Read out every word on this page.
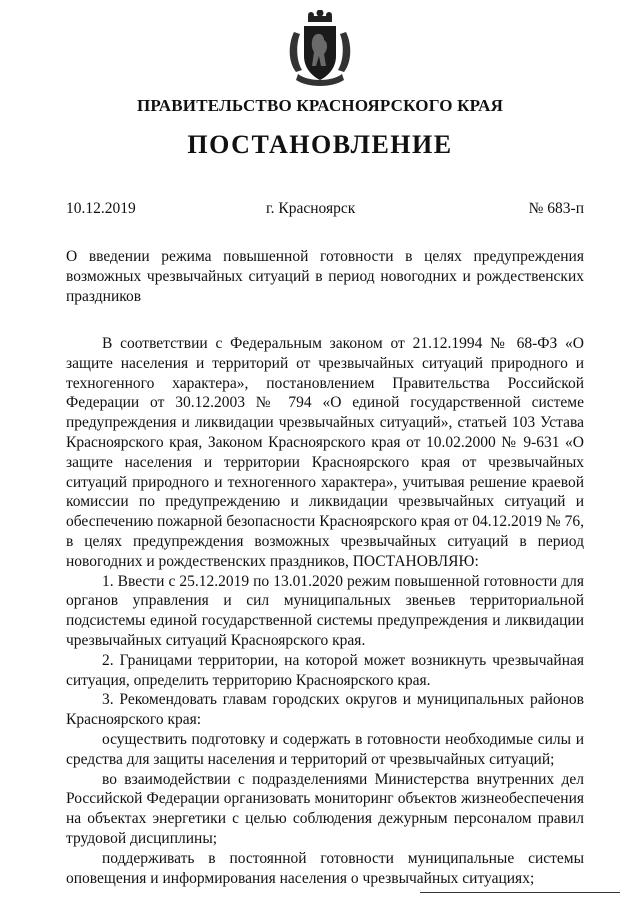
ПРАВИТЕЛЬСТВО КРАСНОЯРСКОГО КРАЯ
ПОСТАНОВЛЕНИЕ
10.12.2019	г. Красноярск	№ 683-п
О введении режима повышенной готовности в целях предупреждения возможных чрезвычайных ситуаций в период новогодних и рождественских праздников

В соответствии с Федеральным законом от 21.12.1994 № 68-ФЗ «О защите населения и территорий от чрезвычайных ситуаций природного и техногенного характера», постановлением Правительства Российской Федерации от 30.12.2003 № 794 «О единой государственной системе предупреждения и ликвидации чрезвычайных ситуаций», статьей 103 Устава Красноярского края, Законом Красноярского края от 10.02.2000 № 9-631 «О защите населения и территории Красноярского края от чрезвычайных ситуаций природного и техногенного характера», учитывая решение краевой комиссии по предупреждению и ликвидации чрезвычайных ситуаций и обеспечению пожарной безопасности Красноярского края от 04.12.2019 № 76, в целях предупреждения возможных чрезвычайных ситуаций в период новогодних и рождественских праздников, ПОСТАНОВЛЯЮ:

1. Ввести с 25.12.2019 по 13.01.2020 режим повышенной готовности для органов управления и сил муниципальных звеньев территориальной подсистемы единой государственной системы предупреждения и ликвидации чрезвычайных ситуаций Красноярского края.

2. Границами территории, на которой может возникнуть чрезвычайная ситуация, определить территорию Красноярского края.

3. Рекомендовать главам городских округов и муниципальных районов Красноярского края:

осуществить подготовку и содержать в готовности необходимые силы и средства для защиты населения и территорий от чрезвычайных ситуаций;

во взаимодействии с подразделениями Министерства внутренних дел Российской Федерации организовать мониторинг объектов жизнеобеспечения на объектах энергетики с целью соблюдения дежурным персоналом правил трудовой дисциплины;

поддерживать в постоянной готовности муниципальные системы оповещения и информирования населения о чрезвычайных ситуациях;
